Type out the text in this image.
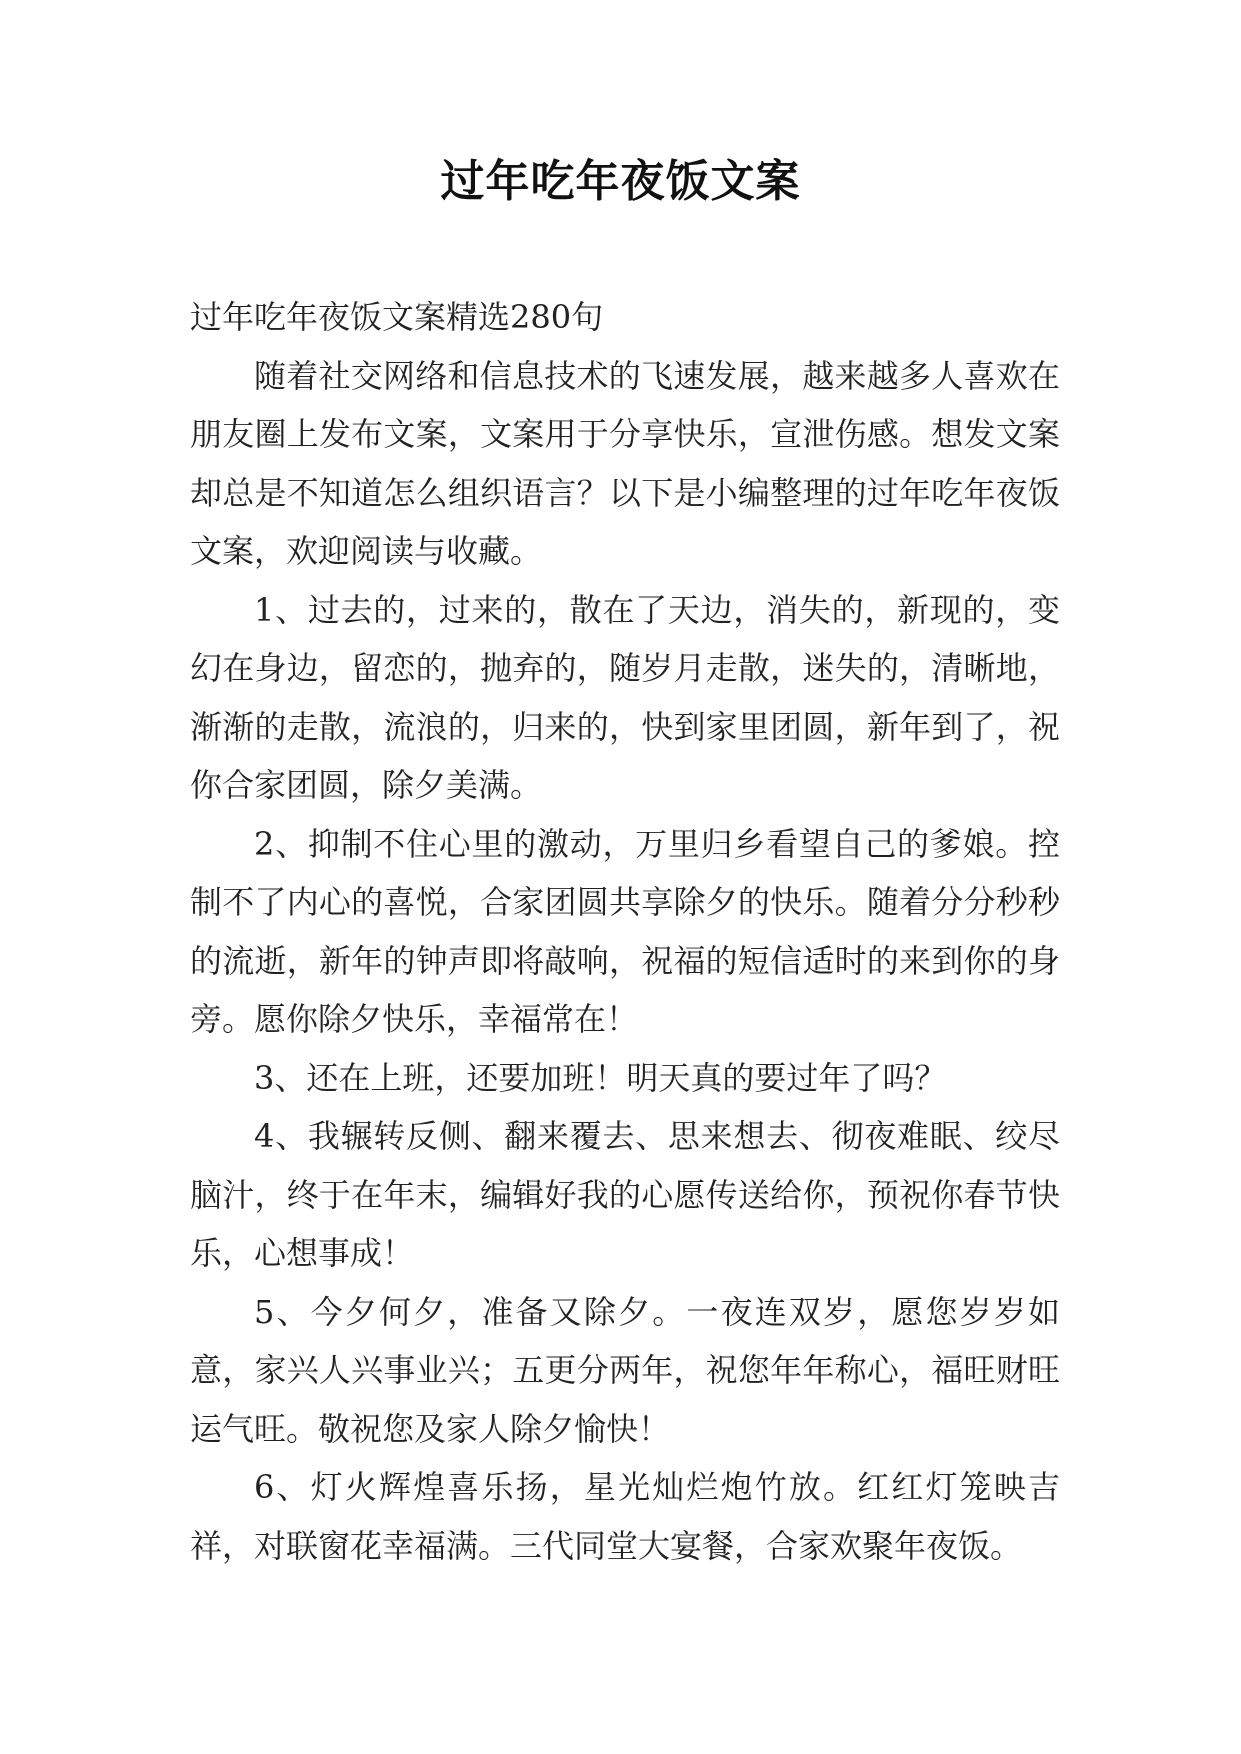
过年吃年夜饭文案

过年吃年夜饭文案精选280句

随着社交网络和信息技术的飞速发展，越来越多人喜欢在朋友圈上发布文案，文案用于分享快乐，宣泄伤感。想发文案却总是不知道怎么组织语言？以下是小编整理的过年吃年夜饭文案，欢迎阅读与收藏。

1、过去的，过来的，散在了天边，消失的，新现的，变幻在身边，留恋的，抛弃的，随岁月走散，迷失的，清晰地，渐渐的走散，流浪的，归来的，快到家里团圆，新年到了，祝你合家团圆，除夕美满。

2、抑制不住心里的激动，万里归乡看望自己的爹娘。控制不了内心的喜悦，合家团圆共享除夕的快乐。随着分分秒秒的流逝，新年的钟声即将敲响，祝福的短信适时的来到你的身旁。愿你除夕快乐，幸福常在！

3、还在上班，还要加班！明天真的要过年了吗？

4、我辗转反侧、翻来覆去、思来想去、彻夜难眠、绞尽脑汁，终于在年末，编辑好我的心愿传送给你，预祝你春节快乐，心想事成！

5、今夕何夕，准备又除夕。一夜连双岁，愿您岁岁如意，家兴人兴事业兴；五更分两年，祝您年年称心，福旺财旺运气旺。敬祝您及家人除夕愉快！

6、灯火辉煌喜乐扬，星光灿烂炮竹放。红红灯笼映吉祥，对联窗花幸福满。三代同堂大宴餐，合家欢聚年夜饭。
